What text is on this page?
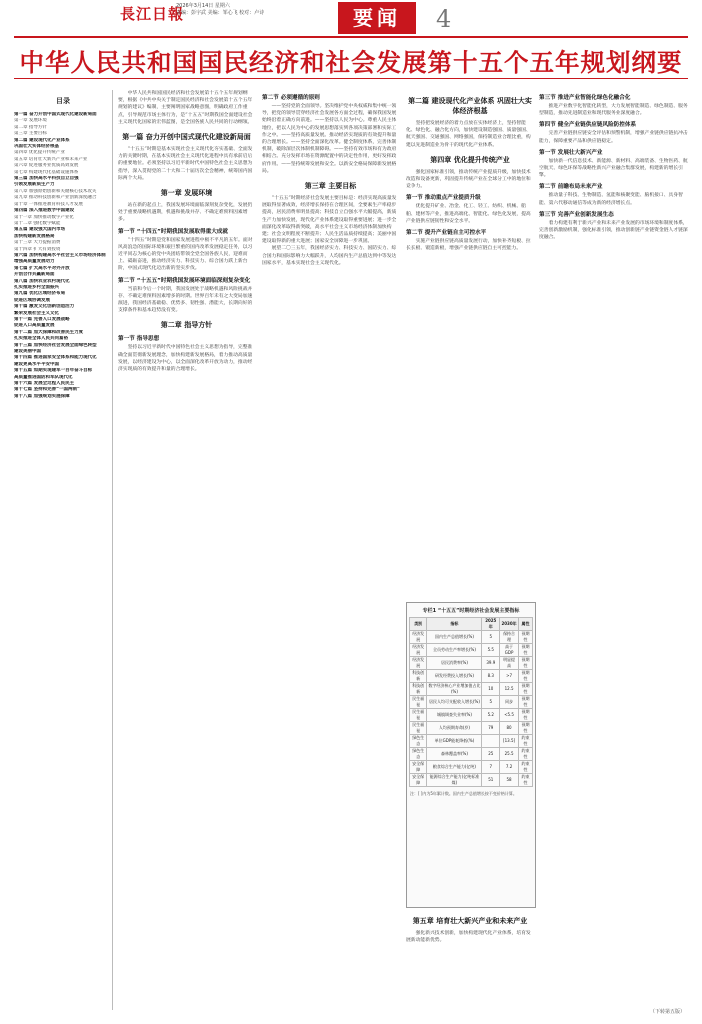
長江日報
2026年3月14日 星期六
责编：彭宇武 美编：邹心飞 校对：卢诗	要闻	4
中华人民共和国国民经济和社会发展第十五个五年规划纲要
目录
第一篇 奋力开创中国式现代化建设新局面
第一章 发展环境
第二章 指导方针
第三章 主要目标
第二篇 建设现代化产业体系
巩固壮大实体经济根基
第四章 优化提升传统产业
第五章 培育壮大新兴产业和未来产业
第六章 促进服务业优质高效发展
第七章 构建现代化基础设施体系
第三篇 加快高水平科技自立自强
引领发展新质生产力
第八章 加强原始创新和关键核心技术攻关
第九章 推动科技创新和产业创新深度融合
第十章 一体推进教育科技人才发展
第四篇 深入推进数字中国建设
第十一章 加快推动数字产业化
第十二章 强化数字赋能
第五篇 建设强大国内市场
加快构建新发展格局
第十三章 大力提振消费
第十四章 扩大有效投资
第六篇 加快构建高水平社会主义市场经济体制
增强高质量发展动力
第七篇 扩大高水平对外开放
开创合作共赢新局面
第八篇 加快农业农村现代化
扎实推进乡村全面振兴
第九篇 优化区域经济布局
促进区域协调发展
第十篇 激发文化创新创造活力
繁荣发展社会主义文化
第十一篇 完善人口发展战略
促进人口高质量发展
第十二篇 加大保障和改善民生力度
扎实推进全体人民共同富裕
第十三篇 加快经济社会发展全面绿色转型
建设美丽中国
第十四篇 推进国家安全体系和能力现代化
建设更高水平平安中国
第十五篇 如期实现建军一百年奋斗目标
高质量推进国防和军队现代化
第十六篇 发展全过程人民民主
第十七篇 坚持和完善“一国两制”
第十八篇 加强规划实施保障

中华人民共和国国民经济和社会发展第十五个五年规划纲要，根据《中共中央关于制定国民经济和社会发展第十五个五年规划的建议》编制，主要阐明国家战略意图，明确政府工作重点，引导规范市场主体行为，是“十五五”时期我国全面建设社会主义现代化国家的宏伟蓝图，是全国各族人民共同的行动纲领。

第一篇 奋力开创中国式现代化建设新局面

“十五五”时期是基本实现社会主义现代化夯实基础、全面发力的关键时期，在基本实现社会主义现代化进程中具有承前启后的重要地位。必须坚持以习近平新时代中国特色社会主义思想为指导，深入贯彻党的二十大和二十届历次全会精神，统筹国内国际两个大局。

第一章 发展环境

站在新的起点上，我国发展环境面临深刻复杂变化，发展仍处于重要战略机遇期，机遇和挑战并存、不确定难预料因素增多。

第一节 “十四五”时期我国发展取得重大成就

“十四五”时期是党和国家发展进程中极不平凡的五年。面对风高浪急的国际环境和艰巨繁重的国内改革发展稳定任务，以习近平同志为核心的党中央团结带领全党全国各族人民，迎难而上、砥砺奋进，推动经济实力、科技实力、综合国力跃上新台阶，中国式现代化迈出新的坚实步伐。

第二节 “十五五”时期我国发展环境面临深刻复杂变化

当前和今后一个时期，我国发展处于战略机遇和风险挑战并存、不确定难预料因素增多的时期。世界百年未有之大变局加速演进，我国经济基础稳、优势多、韧性强、潜能大，长期向好的支撑条件和基本趋势没有变。

第二章 指导方针
第一节 指导思想

坚持以习近平新时代中国特色社会主义思想为指导，完整准确全面贯彻新发展理念，加快构建新发展格局，着力推动高质量发展，以经济建设为中心，以全面深化改革开放为动力，推动经济实现质的有效提升和量的合理增长。

第二节 必须遵循的原则

——坚持党的全面领导。坚决维护党中央权威和集中统一领导，把党的领导贯穿经济社会发展各方面全过程，确保我国发展始终沿着正确方向前进。——坚持以人民为中心。尊重人民主体地位，把以人民为中心的发展思想落实到各项决策部署和实际工作之中。——坚持高质量发展。推动经济实现质的有效提升和量的合理增长。——坚持全面深化改革。健全制度体系，完善体制机制，破除深层次体制机制障碍。——坚持有效市场和有为政府相结合。充分发挥市场在资源配置中的决定性作用，更好发挥政府作用。——坚持统筹发展和安全。以新安全格局保障新发展格局。

第三章 主要目标

“十五五”时期经济社会发展主要目标是：经济实现高质量发展取得显著成效，经济增长保持在合理区间，全要素生产率稳步提高，居民消费率明显提高；科技自立自强水平大幅提高，新质生产力加快发展，现代化产业体系建设取得重要进展；进一步全面深化改革取得新突破，高水平社会主义市场经济体制加快构建；社会文明程度不断提升；人民生活品质持续提高；美丽中国建设取得新的重大进展；国家安全屏障进一步巩固。

展望二〇三五年，我国经济实力、科技实力、国防实力、综合国力和国际影响力大幅跃升，人均国内生产总值达到中等发达国家水平，基本实现社会主义现代化。

第二篇 建设现代化产业体系 巩固壮大实体经济根基

坚持把发展经济的着力点放在实体经济上，坚持智能化、绿色化、融合化方向，加快建设制造强国、质量强国、航天强国、交通强国、网络强国，保持制造业合理比重，构建以先进制造业为骨干的现代化产业体系。

第四章 优化提升传统产业

强化国家标准引领，推动传统产业提质升级，加快技术改造和设备更新，巩固提升传统产业在全球分工中的地位和竞争力。

第一节 推动重点产业提质升级

优化提升矿业、冶金、化工、轻工、纺织、机械、船舶、建材等产业，推进高端化、智能化、绿色化发展，提高产业链供应链韧性和安全水平。

第二节 提升产业链自主可控水平

实施产业链供应链高质量发展行动，加快补齐短板、拉长长板、锻造新板，增强产业链供应链自主可控能力。

专栏1 “十五五”时期经济社会发展主要指标
类别	指标	2025年	2030年	属性
经济发展	国内生产总值增长(%)	5	保持合理	预期性
经济发展	全员劳动生产率增长(%)	5.5	高于GDP	预期性
经济发展	居民消费率(%)	39.9	明显提高	预期性
科技创新	研发经费投入增长(%)	8.3	>7	预期性
科技创新	数字经济核心产业增加值占比(%)	10	12.5	预期性
民生福祉	居民人均可支配收入增长(%)	5	同步	预期性
民生福祉	城镇调查失业率(%)	5.2	<5.5	预期性
民生福祉	人均预期寿命(岁)	79	80	预期性
绿色生态	单位GDP能耗降低(%)		[13.5]	约束性
绿色生态	森林覆盖率(%)	25	25.5	约束性
安全保障	粮食综合生产能力(亿吨)	7	7.2	约束性
安全保障	能源综合生产能力(亿吨标准煤)	51	58	约束性
注：[ ]内为5年累计数。国内生产总值增长按不变价格计算。
第五章 培育壮大新兴产业和未来产业

强化新兴技术创新，加快构建现代化产业体系，培育发展新动能新优势。

第三节 推进产业智能化绿色化融合化

推进产业数字化智能化转型，大力发展智能制造、绿色制造、服务型制造，推动先进制造业和现代服务业深度融合。

第四节 健全产业链供应链风险防控体系

完善产业链供应链安全评估和预警机制，增强产业链供应链抗冲击能力，保障重要产品和供应链稳定。

第一节 发展壮大新兴产业

加快新一代信息技术、新能源、新材料、高端装备、生物医药、航空航天、绿色环保等战略性新兴产业融合集群发展，构建新的增长引擎。

第二节 前瞻布局未来产业

推动量子科技、生物制造、氢能和核聚变能、脑机接口、具身智能、第六代移动通信等成为新的经济增长点。

第三节 完善产业创新发展生态

着力构建有利于新兴产业和未来产业发展的市场环境和制度体系，完善创新激励机制，强化标准引领，推动创新链产业链资金链人才链深度融合。

（下转第五版）
